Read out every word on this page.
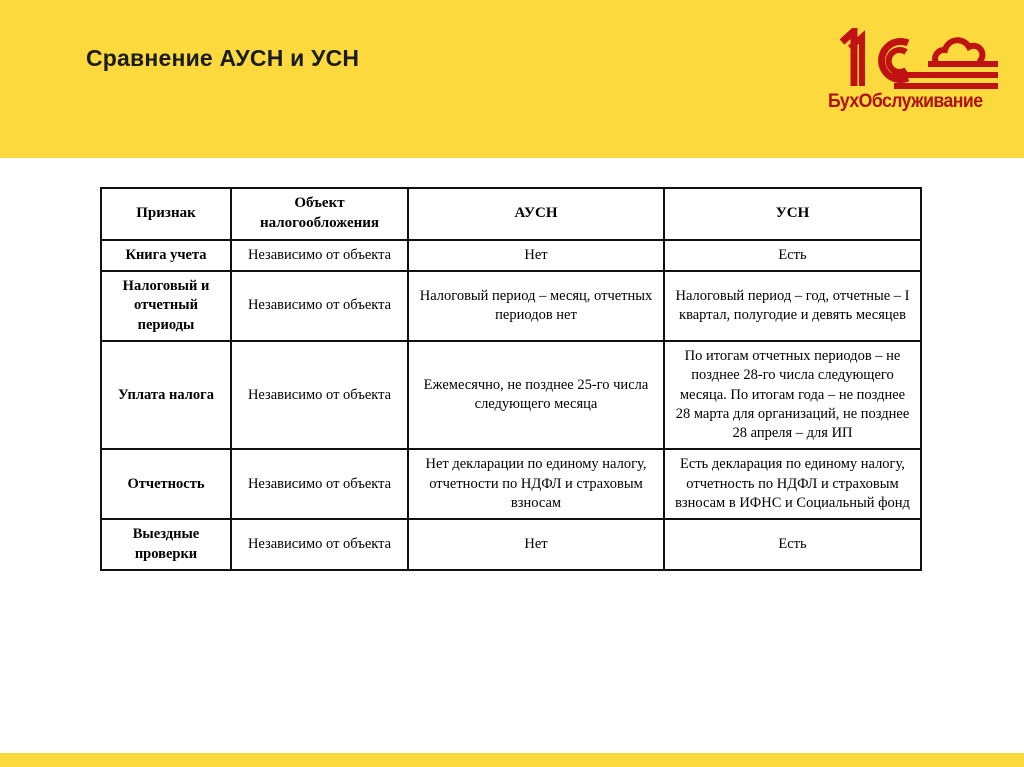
Сравнение АУСН и УСН
БухОбслуживание
Признак	Объект налогообложения	АУСН	УСН
Книга учета	Независимо от объекта	Нет	Есть
Налоговый и отчетный периоды	Независимо от объекта	Налоговый период – месяц, отчетных периодов нет	Налоговый период – год, отчетные – I квартал, полугодие и девять месяцев
Уплата налога	Независимо от объекта	Ежемесячно, не позднее 25-го числа следующего месяца	По итогам отчетных периодов – не позднее 28-го числа следующего месяца. По итогам года – не позднее 28 марта для организаций, не позднее 28 апреля – для ИП
Отчетность	Независимо от объекта	Нет декларации по единому налогу, отчетности по НДФЛ и страховым взносам	Есть декларация по единому налогу, отчетность по НДФЛ и страховым взносам в ИФНС и Социальный фонд
Выездные проверки	Независимо от объекта	Нет	Есть
